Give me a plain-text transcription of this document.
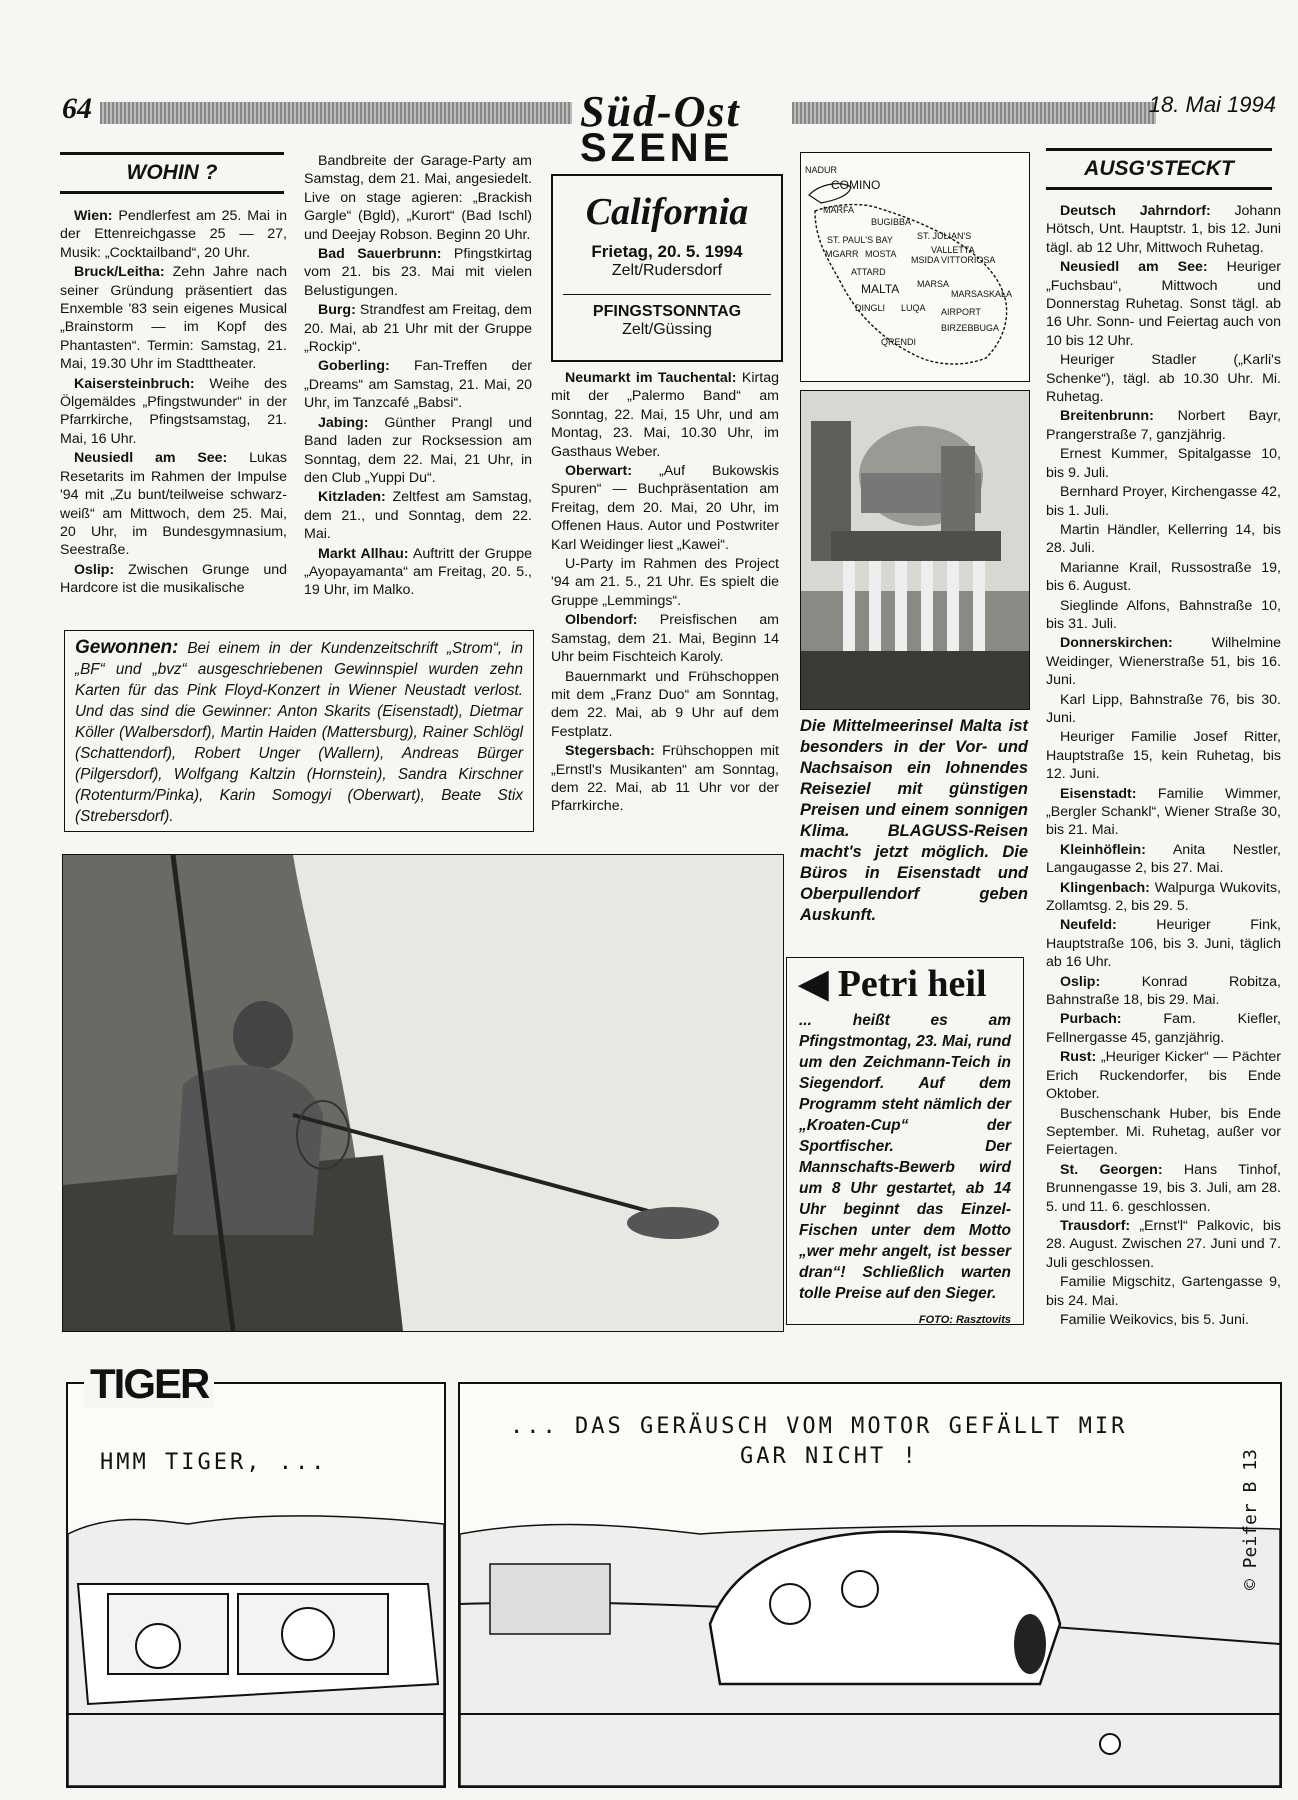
64	Süd-Ost
SZENE
18. Mai 1994
WOHIN ?

Wien: Pendlerfest am 25. Mai in der Ettenreichgasse 25 — 27, Musik: „Cocktailband“, 20 Uhr.

Bruck/Leitha: Zehn Jahre nach seiner Gründung präsentiert das Enxemble '83 sein eigenes Musical „Brainstorm — im Kopf des Phantasten“. Termin: Samstag, 21. Mai, 19.30 Uhr im Stadttheater.

Kaisersteinbruch: Weihe des Ölgemäldes „Pfingstwunder“ in der Pfarrkirche, Pfingstsamstag, 21. Mai, 16 Uhr.

Neusiedl am See: Lukas Resetarits im Rahmen der Impulse '94 mit „Zu bunt/teilweise schwarz-weiß“ am Mittwoch, dem 25. Mai, 20 Uhr, im Bundesgymnasium, Seestraße.

Oslip: Zwischen Grunge und Hardcore ist die musikalische

Bandbreite der Garage-Party am Samstag, dem 21. Mai, angesiedelt. Live on stage agieren: „Brackish Gargle“ (Bgld), „Kurort“ (Bad Ischl) und Deejay Robson. Beginn 20 Uhr.

Bad Sauerbrunn: Pfingstkirtag vom 21. bis 23. Mai mit vielen Belustigungen.

Burg: Strandfest am Freitag, dem 20. Mai, ab 21 Uhr mit der Gruppe „Rockip“.

Goberling: Fan-Treffen der „Dreams“ am Samstag, 21. Mai, 20 Uhr, im Tanzcafé „Babsi“.

Jabing: Günther Prangl und Band laden zur Rocksession am Sonntag, dem 22. Mai, 21 Uhr, in den Club „Yuppi Du“.

Kitzladen: Zeltfest am Samstag, dem 21., und Sonntag, dem 22. Mai.

Markt Allhau: Auftritt der Gruppe „Ayopayamanta“ am Freitag, 20. 5., 19 Uhr, im Malko.

California
Frietag, 20. 5. 1994
Zelt/Rudersdorf
PFINGSTSONNTAG
Zelt/Güssing

Neumarkt im Tauchental: Kirtag mit der „Palermo Band“ am Sonntag, 22. Mai, 15 Uhr, und am Montag, 23. Mai, 10.30 Uhr, im Gasthaus Weber.

Oberwart: „Auf Bukowskis Spuren“ — Buchpräsentation am Freitag, dem 20. Mai, 20 Uhr, im Offenen Haus. Autor und Postwriter Karl Weidinger liest „Kawei“.

U-Party im Rahmen des Project '94 am 21. 5., 21 Uhr. Es spielt die Gruppe „Lemmings“.

Olbendorf: Preisfischen am Samstag, dem 21. Mai, Beginn 14 Uhr beim Fischteich Karoly.

Bauernmarkt und Frühschoppen mit dem „Franz Duo“ am Sonntag, dem 22. Mai, ab 9 Uhr auf dem Festplatz.

Stegersbach: Frühschoppen mit „Ernstl's Musikanten“ am Sonntag, dem 22. Mai, ab 11 Uhr vor der Pfarrkirche.

NADUR
COMINO
MARFA
BUGIBBA
ST. PAUL'S BAY	ST. JULIAN'S
VALLETTA
MGARR MOSTA
MSIDA VITTORIOSA
ATTARD
MALTA MARSA
MARSASKALA
DINGLI LUQA AIRPORT
BIRZEBBUGA
QRENDI
Die Mittelmeerinsel Malta ist besonders in der Vor- und Nachsaison ein lohnendes Reiseziel mit günstigen Preisen und einem sonnigen Klima. BLAGUSS-Reisen macht's jetzt möglich. Die Büros in Eisenstadt und Oberpullendorf geben Auskunft.
Gewonnen: Bei einem in der Kundenzeitschrift „Strom“, in „BF“ und „bvz“ ausgeschriebenen Gewinnspiel wurden zehn Karten für das Pink Floyd-Konzert in Wiener Neustadt verlost. Und das sind die Gewinner: Anton Skarits (Eisenstadt), Dietmar Köller (Walbersdorf), Martin Haiden (Mattersburg), Rainer Schlögl (Schattendorf), Robert Unger (Wallern), Andreas Bürger (Pilgersdorf), Wolfgang Kaltzin (Hornstein), Sandra Kirschner (Rotenturm/Pinka), Karin Somogyi (Oberwart), Beate Stix (Strebersdorf).
◀ Petri heil
... heißt es am Pfingstmontag, 23. Mai, rund um den Zeichmann-Teich in Siegendorf. Auf dem Programm steht nämlich der „Kroaten-Cup“ der Sportfischer. Der Mannschafts-Bewerb wird um 8 Uhr gestartet, ab 14 Uhr beginnt das Einzel-Fischen unter dem Motto „wer mehr angelt, ist besser dran“! Schließlich warten tolle Preise auf den Sieger.
FOTO: Rasztovits
AUSG'STECKT

Deutsch Jahrndorf: Johann Hötsch, Unt. Hauptstr. 1, bis 12. Juni tägl. ab 12 Uhr, Mittwoch Ruhetag.

Neusiedl am See: Heuriger „Fuchsbau“, Mittwoch und Donnerstag Ruhetag. Sonst tägl. ab 16 Uhr. Sonn- und Feiertag auch von 10 bis 12 Uhr.

Heuriger Stadler („Karli's Schenke“), tägl. ab 10.30 Uhr. Mi. Ruhetag.

Breitenbrunn: Norbert Bayr, Prangerstraße 7, ganzjährig.

Ernest Kummer, Spitalgasse 10, bis 9. Juli.

Bernhard Proyer, Kirchengasse 42, bis 1. Juli.

Martin Händler, Kellerring 14, bis 28. Juli.

Marianne Krail, Russostraße 19, bis 6. August.

Sieglinde Alfons, Bahnstraße 10, bis 31. Juli.

Donnerskirchen: Wilhelmine Weidinger, Wienerstraße 51, bis 16. Juni.

Karl Lipp, Bahnstraße 76, bis 30. Juni.

Heuriger Familie Josef Ritter, Hauptstraße 15, kein Ruhetag, bis 12. Juni.

Eisenstadt: Familie Wimmer, „Bergler Schankl“, Wiener Straße 30, bis 21. Mai.

Kleinhöflein: Anita Nestler, Langaugasse 2, bis 27. Mai.

Klingenbach: Walpurga Wukovits, Zollamtsg. 2, bis 29. 5.

Neufeld: Heuriger Fink, Hauptstraße 106, bis 3. Juni, täglich ab 16 Uhr.

Oslip: Konrad Robitza, Bahnstraße 18, bis 29. Mai.

Purbach: Fam. Kiefler, Fellnergasse 45, ganzjährig.

Rust: „Heuriger Kicker“ — Pächter Erich Ruckendorfer, bis Ende Oktober.

Buschenschank Huber, bis Ende September. Mi. Ruhetag, außer vor Feiertagen.

St. Georgen: Hans Tinhof, Brunnengasse 19, bis 3. Juli, am 28. 5. und 11. 6. geschlossen.

Trausdorf: „Ernst'l“ Palkovic, bis 28. August. Zwischen 27. Juni und 7. Juli geschlossen.

Familie Migschitz, Gartengasse 9, bis 24. Mai.

Familie Weikovics, bis 5. Juni.

TIGER
HMM TIGER, ...
... DAS GERÄUSCH VOM MOTOR GEFÄLLT MIR
GAR NICHT !	© Peifer B 13
